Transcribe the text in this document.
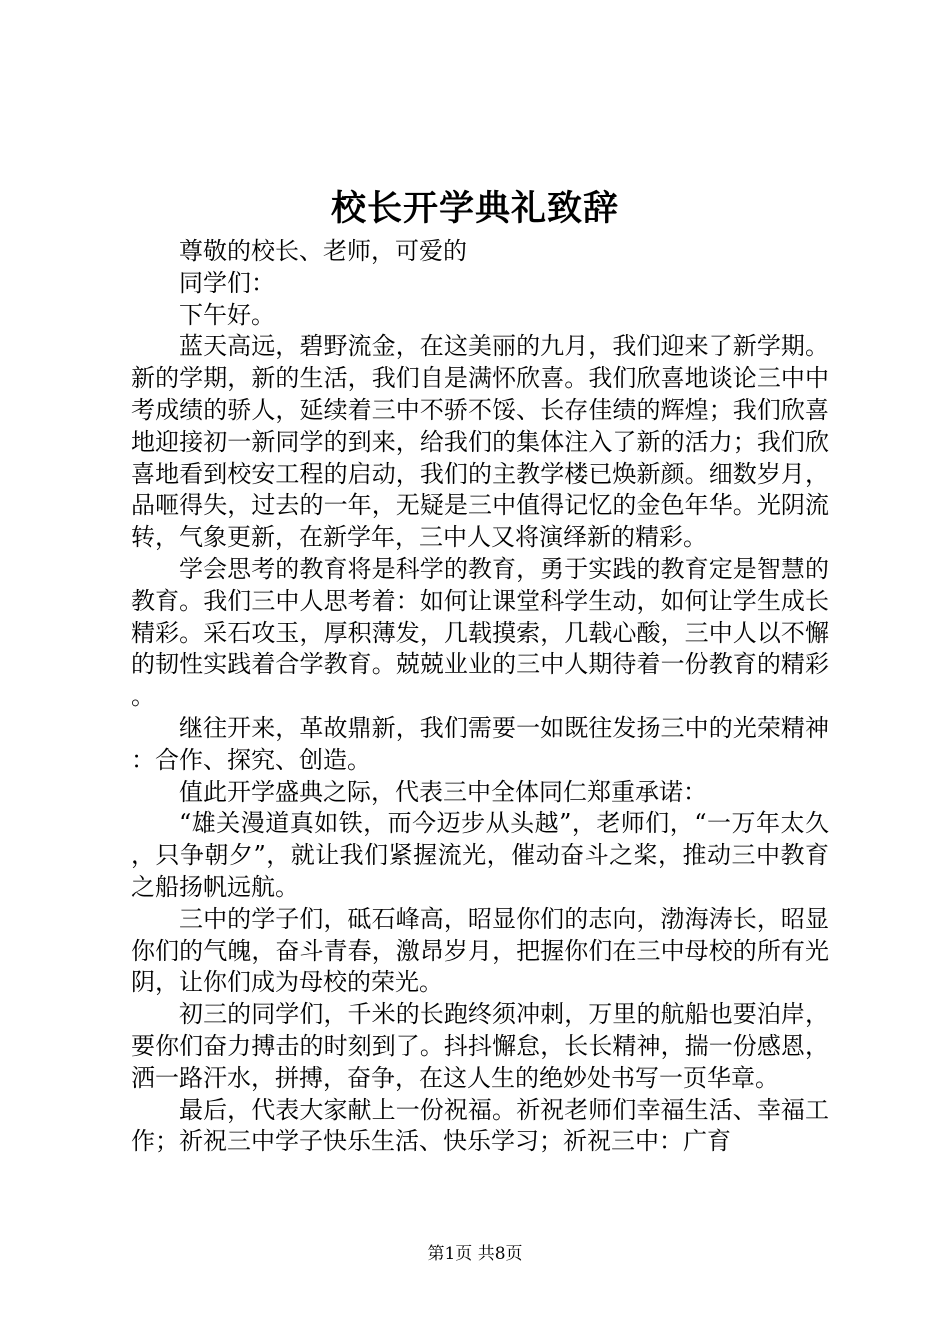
校长开学典礼致辞

尊敬的校长、老师，可爱的

同学们：

下午好。

蓝天高远，碧野流金，在这美丽的九月，我们迎来了新学期。新的学期，新的生活，我们自是满怀欣喜。我们欣喜地谈论三中中考成绩的骄人，延续着三中不骄不馁、长存佳绩的辉煌；我们欣喜地迎接初一新同学的到来，给我们的集体注入了新的活力；我们欣喜地看到校安工程的启动，我们的主教学楼已焕新颜。细数岁月，品咂得失，过去的一年，无疑是三中值得记忆的金色年华。光阴流转，气象更新，在新学年，三中人又将演绎新的精彩。

学会思考的教育将是科学的教育，勇于实践的教育定是智慧的教育。我们三中人思考着：如何让课堂科学生动，如何让学生成长精彩。采石攻玉，厚积薄发，几载摸索，几载心酸，三中人以不懈的韧性实践着合学教育。兢兢业业的三中人期待着一份教育的精彩。

继往开来，革故鼎新，我们需要一如既往发扬三中的光荣精神：合作、探究、创造。

值此开学盛典之际，代表三中全体同仁郑重承诺：

“雄关漫道真如铁，而今迈步从头越”，老师们，“一万年太久，只争朝夕”，就让我们紧握流光，催动奋斗之桨，推动三中教育之船扬帆远航。

三中的学子们，砥石峰高，昭显你们的志向，渤海涛长，昭显你们的气魄，奋斗青春，激昂岁月，把握你们在三中母校的所有光阴，让你们成为母校的荣光。

初三的同学们，千米的长跑终须冲刺，万里的航船也要泊岸，要你们奋力搏击的时刻到了。抖抖懈怠，长长精神，揣一份感恩，洒一路汗水，拼搏，奋争，在这人生的绝妙处书写一页华章。

最后，代表大家献上一份祝福。祈祝老师们幸福生活、幸福工作；祈祝三中学子快乐生活、快乐学习；祈祝三中：广育

第1页 共8页
